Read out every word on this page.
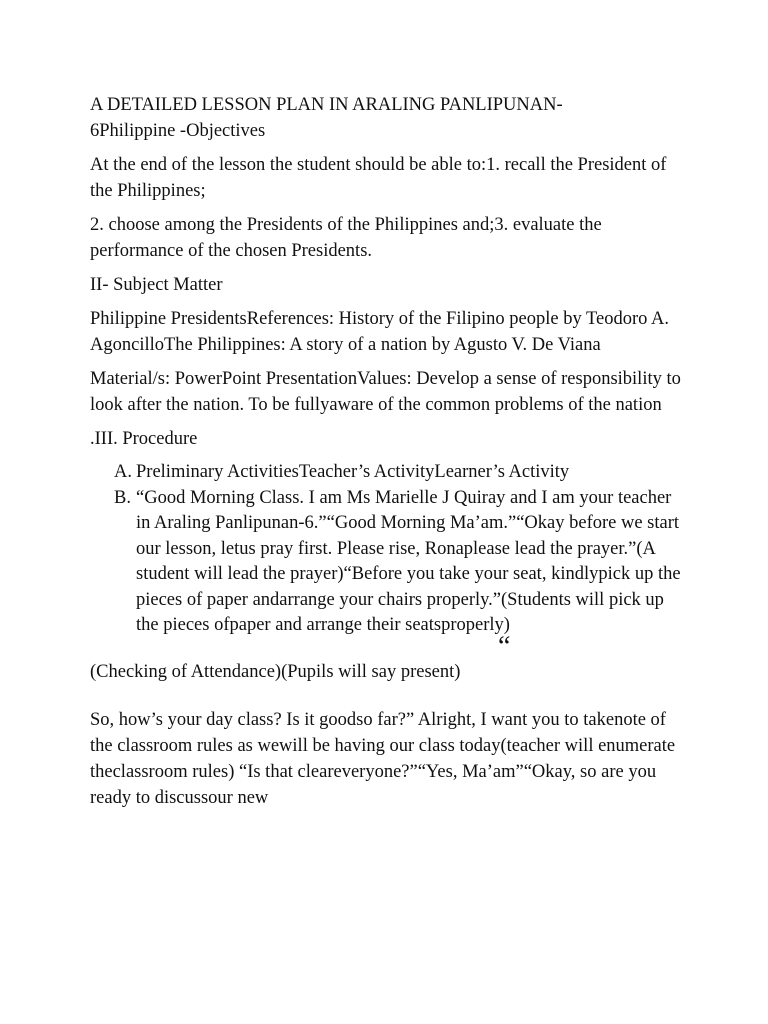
A DETAILED LESSON PLAN IN ARALING PANLIPUNAN-
6Philippine -Objectives

At the end of the lesson the student should be able to:1. recall the President of the Philippines;

2. choose among the Presidents of the Philippines and;3. evaluate the performance of the chosen Presidents.

II- Subject Matter

Philippine PresidentsReferences: History of the Filipino people by Teodoro A. AgoncilloThe Philippines: A story of a nation by Agusto V. De Viana

Material/s: PowerPoint PresentationValues: Develop a sense of responsibility to look after the nation. To be fullyaware of the common problems of the nation

.III. Procedure

A. Preliminary ActivitiesTeacher’s ActivityLearner’s Activity
B. “Good Morning Class. I am Ms Marielle J Quiray and I am your teacher in Araling Panlipunan-6.”“Good Morning Ma’am.”“Okay before we start our lesson, letus pray first. Please rise, Ronaplease lead the prayer.”(A student will lead the prayer)“Before you take your seat, kindlypick up the pieces of paper andarrange your chairs properly.”(Students will pick up the pieces ofpaper and arrange their seatsproperly)
“
(Checking of Attendance)(Pupils will say present)

So, how’s your day class? Is it goodso far?” Alright, I want you to takenote of the classroom rules as wewill be having our class today(teacher will enumerate theclassroom rules) “Is that cleareveryone?”“Yes, Ma’am”“Okay, so are you ready to discussour new
